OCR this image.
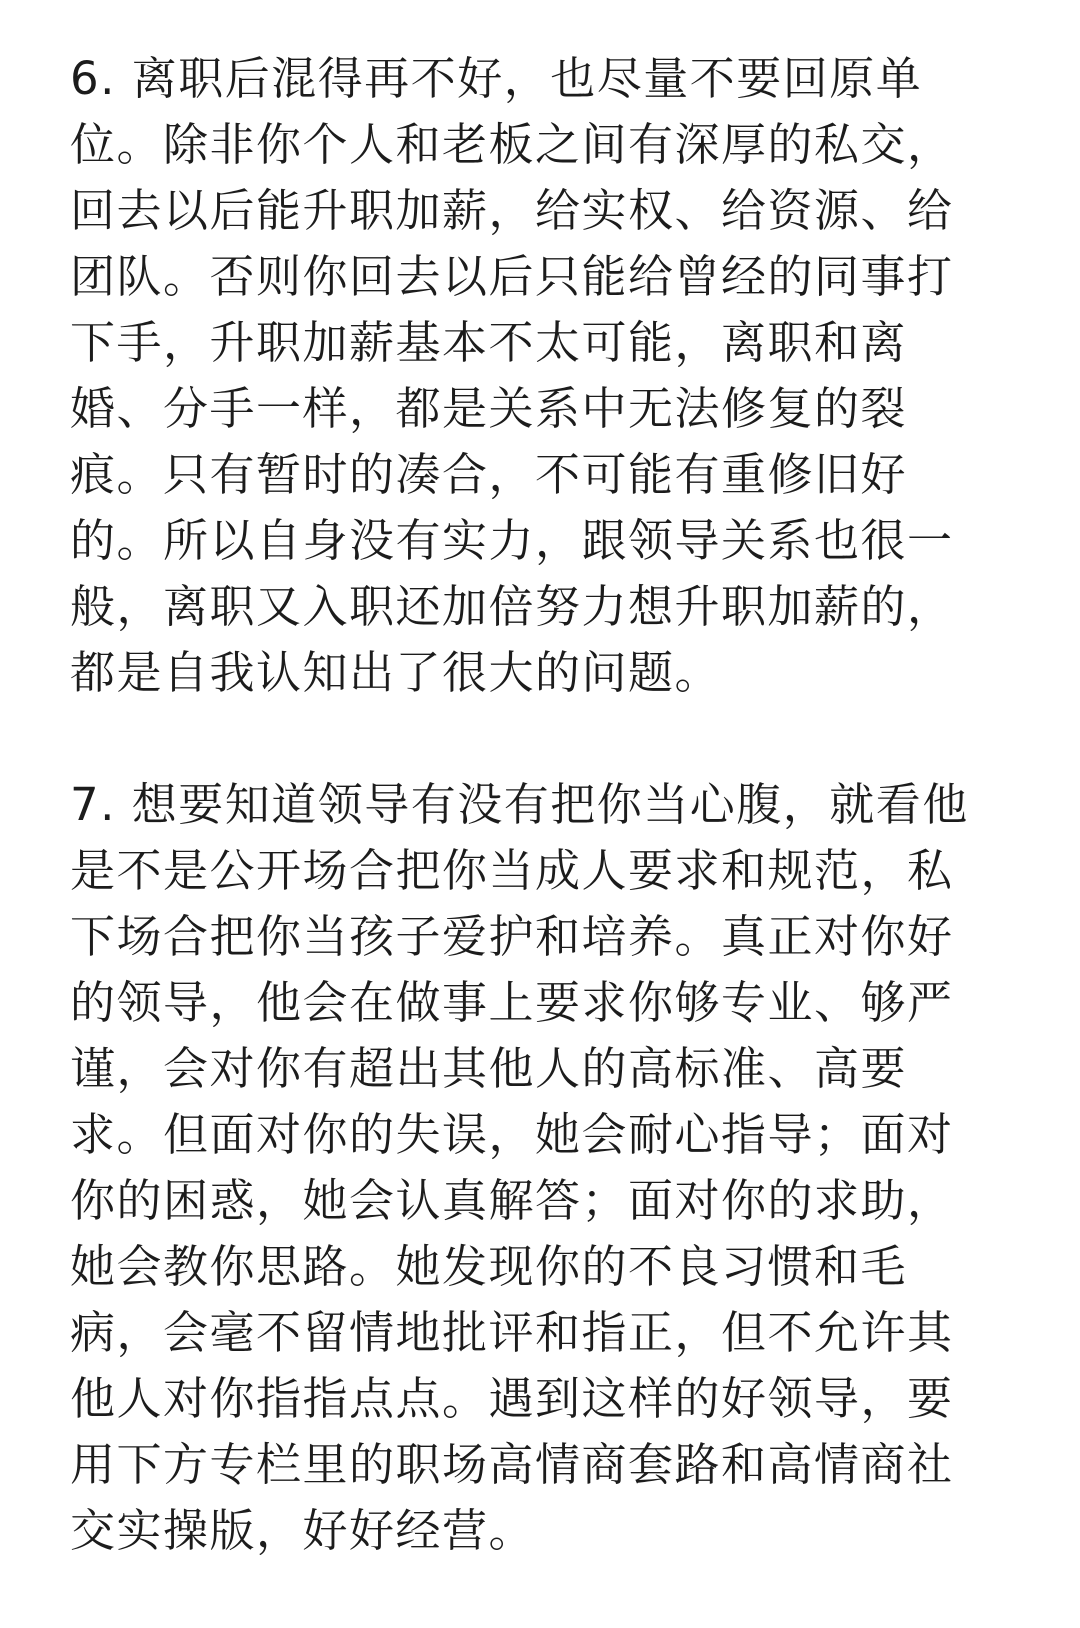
6. 离职后混得再不好，也尽量不要回原单
位。除非你个人和老板之间有深厚的私交，
回去以后能升职加薪，给实权、给资源、给
团队。否则你回去以后只能给曾经的同事打
下手，升职加薪基本不太可能，离职和离
婚、分手一样，都是关系中无法修复的裂
痕。只有暂时的凑合，不可能有重修旧好
的。所以自身没有实力，跟领导关系也很一
般，离职又入职还加倍努力想升职加薪的，
都是自我认知出了很大的问题。
7. 想要知道领导有没有把你当心腹，就看他
是不是公开场合把你当成人要求和规范，私
下场合把你当孩子爱护和培养。真正对你好
的领导，他会在做事上要求你够专业、够严
谨，会对你有超出其他人的高标准、高要
求。但面对你的失误，她会耐心指导；面对
你的困惑，她会认真解答；面对你的求助，
她会教你思路。她发现你的不良习惯和毛
病，会毫不留情地批评和指正，但不允许其
他人对你指指点点。遇到这样的好领导，要
用下方专栏里的职场高情商套路和高情商社
交实操版，好好经营。
